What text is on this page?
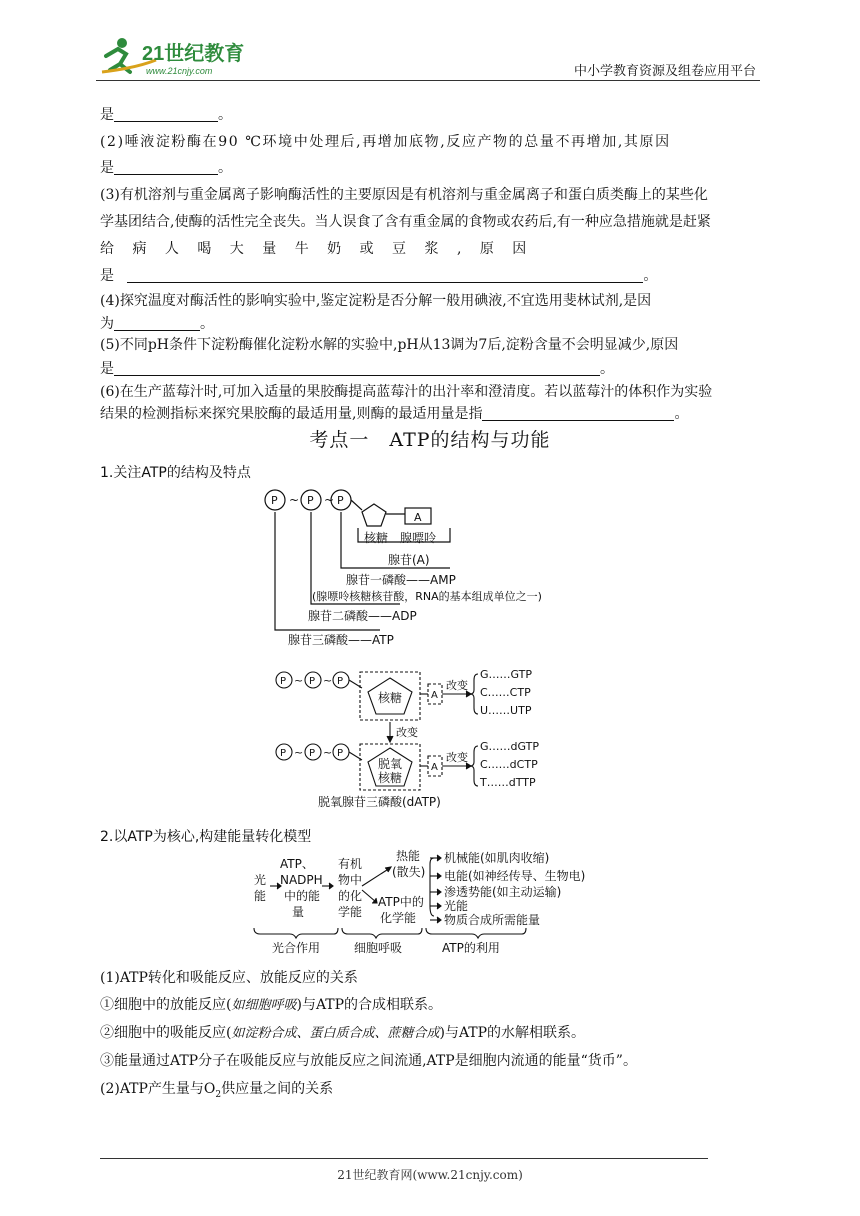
21世纪教育
www.21cnjy.com	中小学教育资源及组卷应用平台
是	。
(2)唾液淀粉酶在90 ℃环境中处理后,再增加底物,反应产物的总量不再增加,其原因
是	。
(3)有机溶剂与重金属离子影响酶活性的主要原因是有机溶剂与重金属离子和蛋白质类酶上的某些化
学基团结合,使酶的活性完全丧失。当人误食了含有重金属的食物或农药后,有一种应急措施就是赶紧
给 病 人 喝 大 量 牛 奶 或 豆 浆 , 原 因
是	。
(4)探究温度对酶活性的影响实验中,鉴定淀粉是否分解一般用碘液,不宜选用斐林试剂,是因
为	。
(5)不同pH条件下淀粉酶催化淀粉水解的实验中,pH从13调为7后,淀粉含量不会明显减少,原因
是	。
(6)在生产蓝莓汁时,可加入适量的果胶酶提高蓝莓汁的出汁率和澄清度。若以蓝莓汁的体积作为实验
结果的检测指标来探究果胶酶的最适用量,则酶的最适用量是指	。
考点一　ATP的结构与功能
1.关注ATP的结构及特点
P	P P
~ ~
A
核糖 腺嘌呤
腺苷(A)
腺苷一磷酸——AMP
(腺嘌呤核糖核苷酸，RNA的基本组成单位之一)
腺苷二磷酸——ADP
腺苷三磷酸——ATP
P P P
~ ~
P P P
~ ~
核糖
脱氧
核糖
A
A
改变
改变
改变
G……GTP
C……CTP
U……UTP
G……dGTP
C……dCTP
T……dTTP
脱氧腺苷三磷酸(dATP)
2.以ATP为核心,构建能量转化模型
光
能
ATP、
NADPH
中的能
量
有机
物中
的化
学能
热能
(散失)
ATP中的
化学能
机械能(如肌肉收缩)
电能(如神经传导、生物电)
渗透势能(如主动运输)
光能
物质合成所需能量
光合作用	细胞呼吸	ATP的利用
(1)ATP转化和吸能反应、放能反应的关系
①细胞中的放能反应(如细胞呼吸)与ATP的合成相联系。
②细胞中的吸能反应(如淀粉合成、蛋白质合成、蔗糖合成)与ATP的水解相联系。
③能量通过ATP分子在吸能反应与放能反应之间流通,ATP是细胞内流通的能量“货币”。
(2)ATP产生量与$O_2$供应量之间的关系
21世纪教育网(www.21cnjy.com)
